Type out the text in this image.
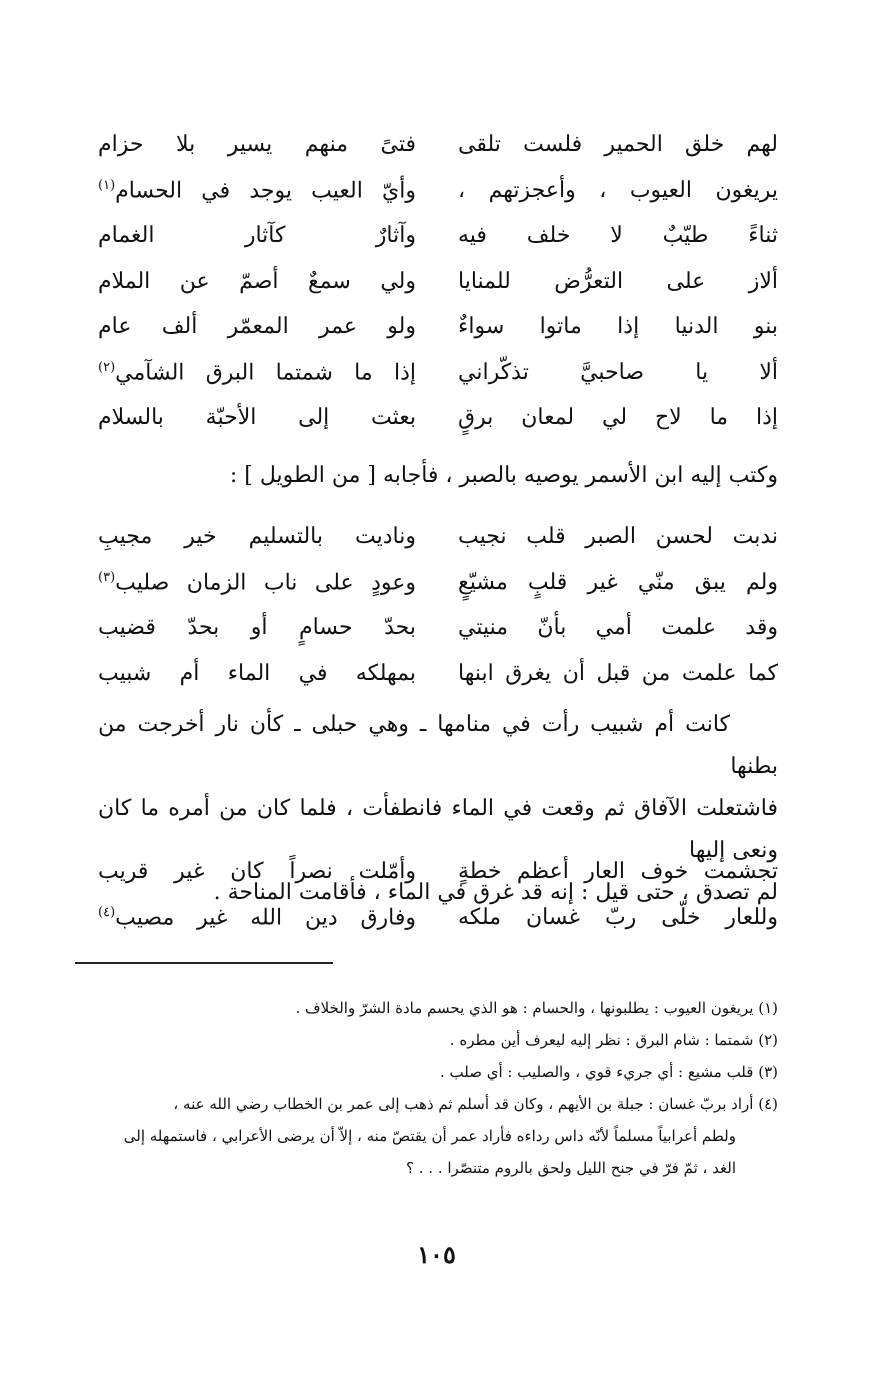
لهم خلق الحمير فلست تلقى
فتىً منهم يسير بلا حزام
يريغون العيوب ، وأعجزتهم ،
وأيّ العيب يوجد في الحسام$^{(١)}$
ثناءً طيّبٌ لا خلف فيه
وآثارٌ كآثار الغمام
ألاز على التعرُّض للمنايا
ولي سمعٌ أصمّ عن الملام
بنو الدنيا إذا ماتوا سواءٌ
ولو عمر المعمّر ألف عام
ألا يا صاحبيَّ تذكّراني
إذا ما شمتما البرق الشآمي$^{(٢)}$
إذا ما لاح لي لمعان برقٍ
بعثت إلى الأحبّة بالسلام

وكتب إليه ابن الأسمر يوصيه بالصبر ، فأجابه [ من الطويل ] :

ندبت لحسن الصبر قلب نجيب
وناديت بالتسليم خير مجيبِ
ولم يبق منّي غير قلبٍ مشيّعٍ
وعودٍ على ناب الزمان صليب$^{(٣)}$
وقد علمت أمي بأنّ منيتي
بحدّ حسامٍ أو بحدّ قضيب
كما علمت من قبل أن يغرق ابنها
بمهلكه في الماء أم شبيب

كانت أم شبيب رأت في منامها ـ وهي حبلى ـ كأن نار أخرجت من بطنها

فاشتعلت الآفاق ثم وقعت في الماء فانطفأت ، فلما كان من أمره ما كان ونعى إليها

لم تصدق ، حتى قيل : إنه قد غرق في الماء ، فأقامت المناحة .

تجشمت خوف العار أعظم خطةٍ
وأمّلت نصراً كان غير قريب
وللعار خلّى ربّ غسان ملكه
وفارق دين الله غير مصيب$^{(٤)}$

(١) يريغون العيوب : يطلبونها ، والحسام : هو الذي يحسم مادة الشرّ والخلاف .

(٢) شمتما : شام البرق : نظر إليه ليعرف أين مطره .

(٣) قلب مشيع : أي جريء قوي ، والصليب : أي صلب .

(٤) أراد بربّ غسان : جبلة بن الأيهم ، وكان قد أسلم ثم ذهب إلى عمر بن الخطاب رضي الله عنه ،

ولطم أعرابياً مسلماً لأنّه داس رداءه فأراد عمر أن يقتصّ منه ، إلاّ أن يرضى الأعرابي ، فاستمهله إلى

الغد ، ثمّ فرّ في جنح الليل ولحق بالروم متنصّرا . . . ؟

١٠٥
